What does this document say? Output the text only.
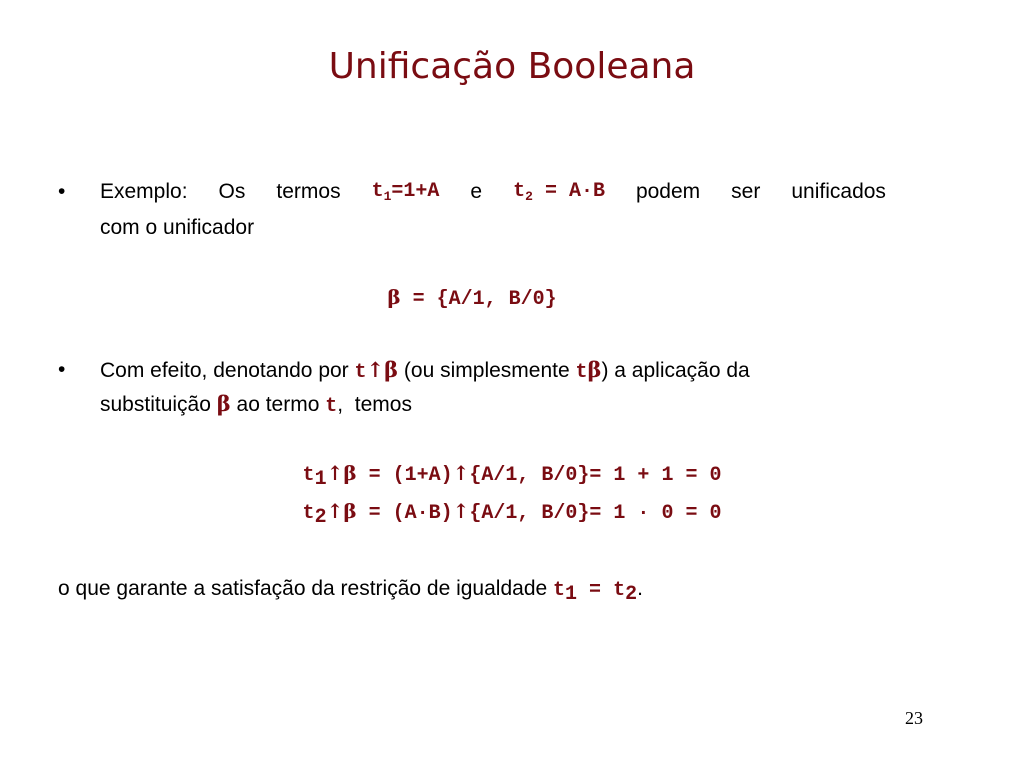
Unificação Booleana
• Exemplo: Os termos $t_1=1+A$ e $t_2 = A\cdot B$ podem ser unificados
com o unificador
β = {A/1, B/0}
• Com efeito, denotando por t↑β (ou simplesmente tβ) a aplicação da
substituição β ao termo t,  temos
$t_1↑\beta$ = (1+A)↑{A/1, B/0}= 1 + 1 = 0
$t_2↑\beta$ = (A·B)↑{A/1, B/0}= 1 · 0 = 0
o que garante a satisfação da restrição de igualdade $t_1 = t_2$.
23
